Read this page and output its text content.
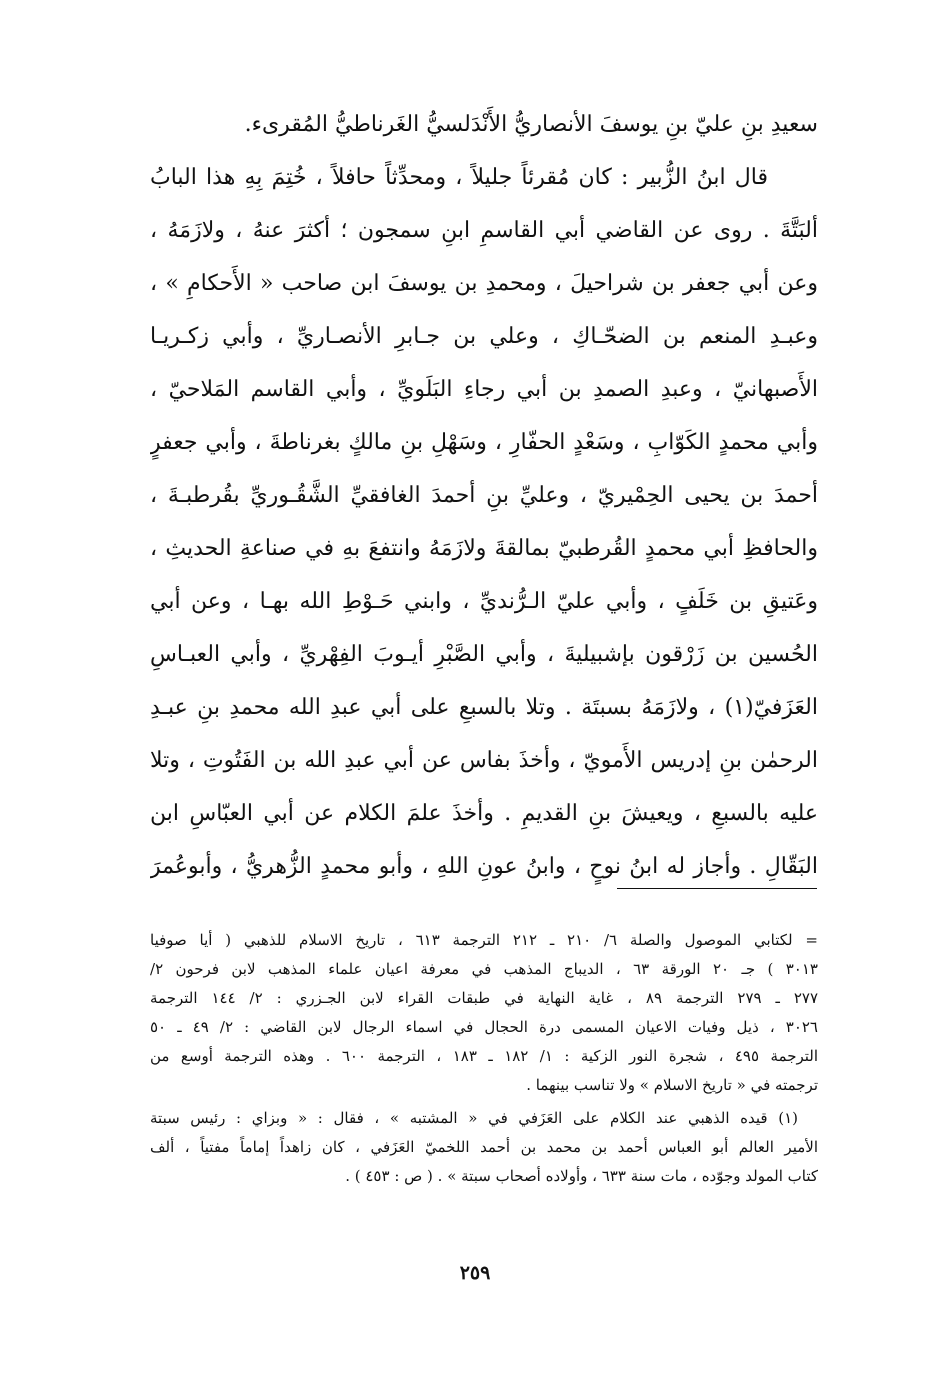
سعيدِ بنِ عليّ بنِ يوسفَ الأنصاريُّ الأَنْدَلسيُّ الغَرناطيُّ المُقرىء.
قال ابنُ الزُّبير : كان مُقرئاً جليلاً ، ومحدِّثاً حافلاً ، خُتِمَ بِهِ هذا البابُ
ألبَتَّةَ . روى عن القاضي أبي القاسمِ ابنِ سمجون ؛ أكثرَ عنهُ ، ولازَمَهُ ،
وعن أبي جعفر بن شراحيلَ ، ومحمدِ بن يوسفَ ابن صاحب « الأَحكامِ » ،
وعبـدِ المنعم بن الضحّـاكِ ، وعلي بن جـابرِ الأنصـاريِّ ، وأبي زكـريـا
الأَصبهانيّ ، وعبدِ الصمدِ بن أبي رجاءِ البَلَويِّ ، وأبي القاسم المَلاحيّ ،
وأبي محمدٍ الكَوّابِ ، وسَعْدٍ الحفّارِ ، وسَهْلِ بنِ مالكٍ بغرناطةَ ، وأبي جعفرٍ
أحمدَ بن يحيى الحِمْيريّ ، وعليِّ بنِ أحمدَ الغافقيِّ الشَّقُـوريِّ بقُرطبـةَ ،
والحافظِ أبي محمدٍ القُرطبيّ بمالقةَ ولازَمَهُ وانتفعَ بهِ في صناعةِ الحديثِ ،
وعَتيقِ بن خَلَفٍ ، وأبي عليّ الـرُّنديِّ ، وابني حَـوْطِ الله بهـا ، وعن أبي
الحُسين بن زَرْقون بإشبيليةَ ، وأبي الصَّبْرِ أيـوبَ الفِهْريِّ ، وأبي العبـاسِ
العَزَفيّ(١) ، ولازَمَهُ بسبتَة . وتلا بالسبعِ على أبي عبدِ الله محمدِ بنِ عبـدِ
الرحمٰن بنِ إدريس الأَمويّ ، وأخذَ بفاس عن أبي عبدِ الله بن الفَتُوتِ ، وتلا
عليه بالسبعِ ، ويعيشَ بنِ القديمِ . وأخذَ علمَ الكلام عن أبي العبّاسِ ابن
البَقّالِ . وأجاز له ابنُ نوحٍ ، وابنُ عونِ اللهِ ، وأبو محمدٍ الزُّهريُّ ، وأبوعُمرَ
= لكتابي الموصول والصلة ٦/ ٢١٠ ـ ٢١٢ الترجمة ٦١٣ ، تاريخ الاسلام للذهبي ( أيا صوفيا
٣٠١٣ ) جـ ٢٠ الورقة ٦٣ ، الديباج المذهب في معرفة اعيان علماء المذهب لابن فرحون ٢/
٢٧٧ ـ ٢٧٩ الترجمة ٨٩ ، غاية النهاية في طبقات القراء لابن الجـزري : ٢/ ١٤٤ الترجمة
٣٠٢٦ ، ذيل وفيات الاعيان المسمى درة الحجال في اسماء الرجال لابن القاضي : ٢/ ٤٩ ـ ٥٠
الترجمة ٤٩٥ ، شجرة النور الزكية : ١/ ١٨٢ ـ ١٨٣ ، الترجمة ٦٠٠ . وهذه الترجمة أوسع من
ترجمته في « تاريخ الاسلام » ولا تناسب بينهما .
(١) قيده الذهبي عند الكلام على العَزَفي في « المشتبه » ، فقال : « وبزاي : رئيس سبتة
الأمير العالم أبو العباس أحمد بن محمد بن أحمد اللخميّ العَزَفي ، كان زاهداً إماماً مفتياً ، ألف
كتاب المولد وجوّده ، مات سنة ٦٣٣ ، وأولاده أصحاب سبتة » . ( ص : ٤٥٣ ) .
٢٥٩
